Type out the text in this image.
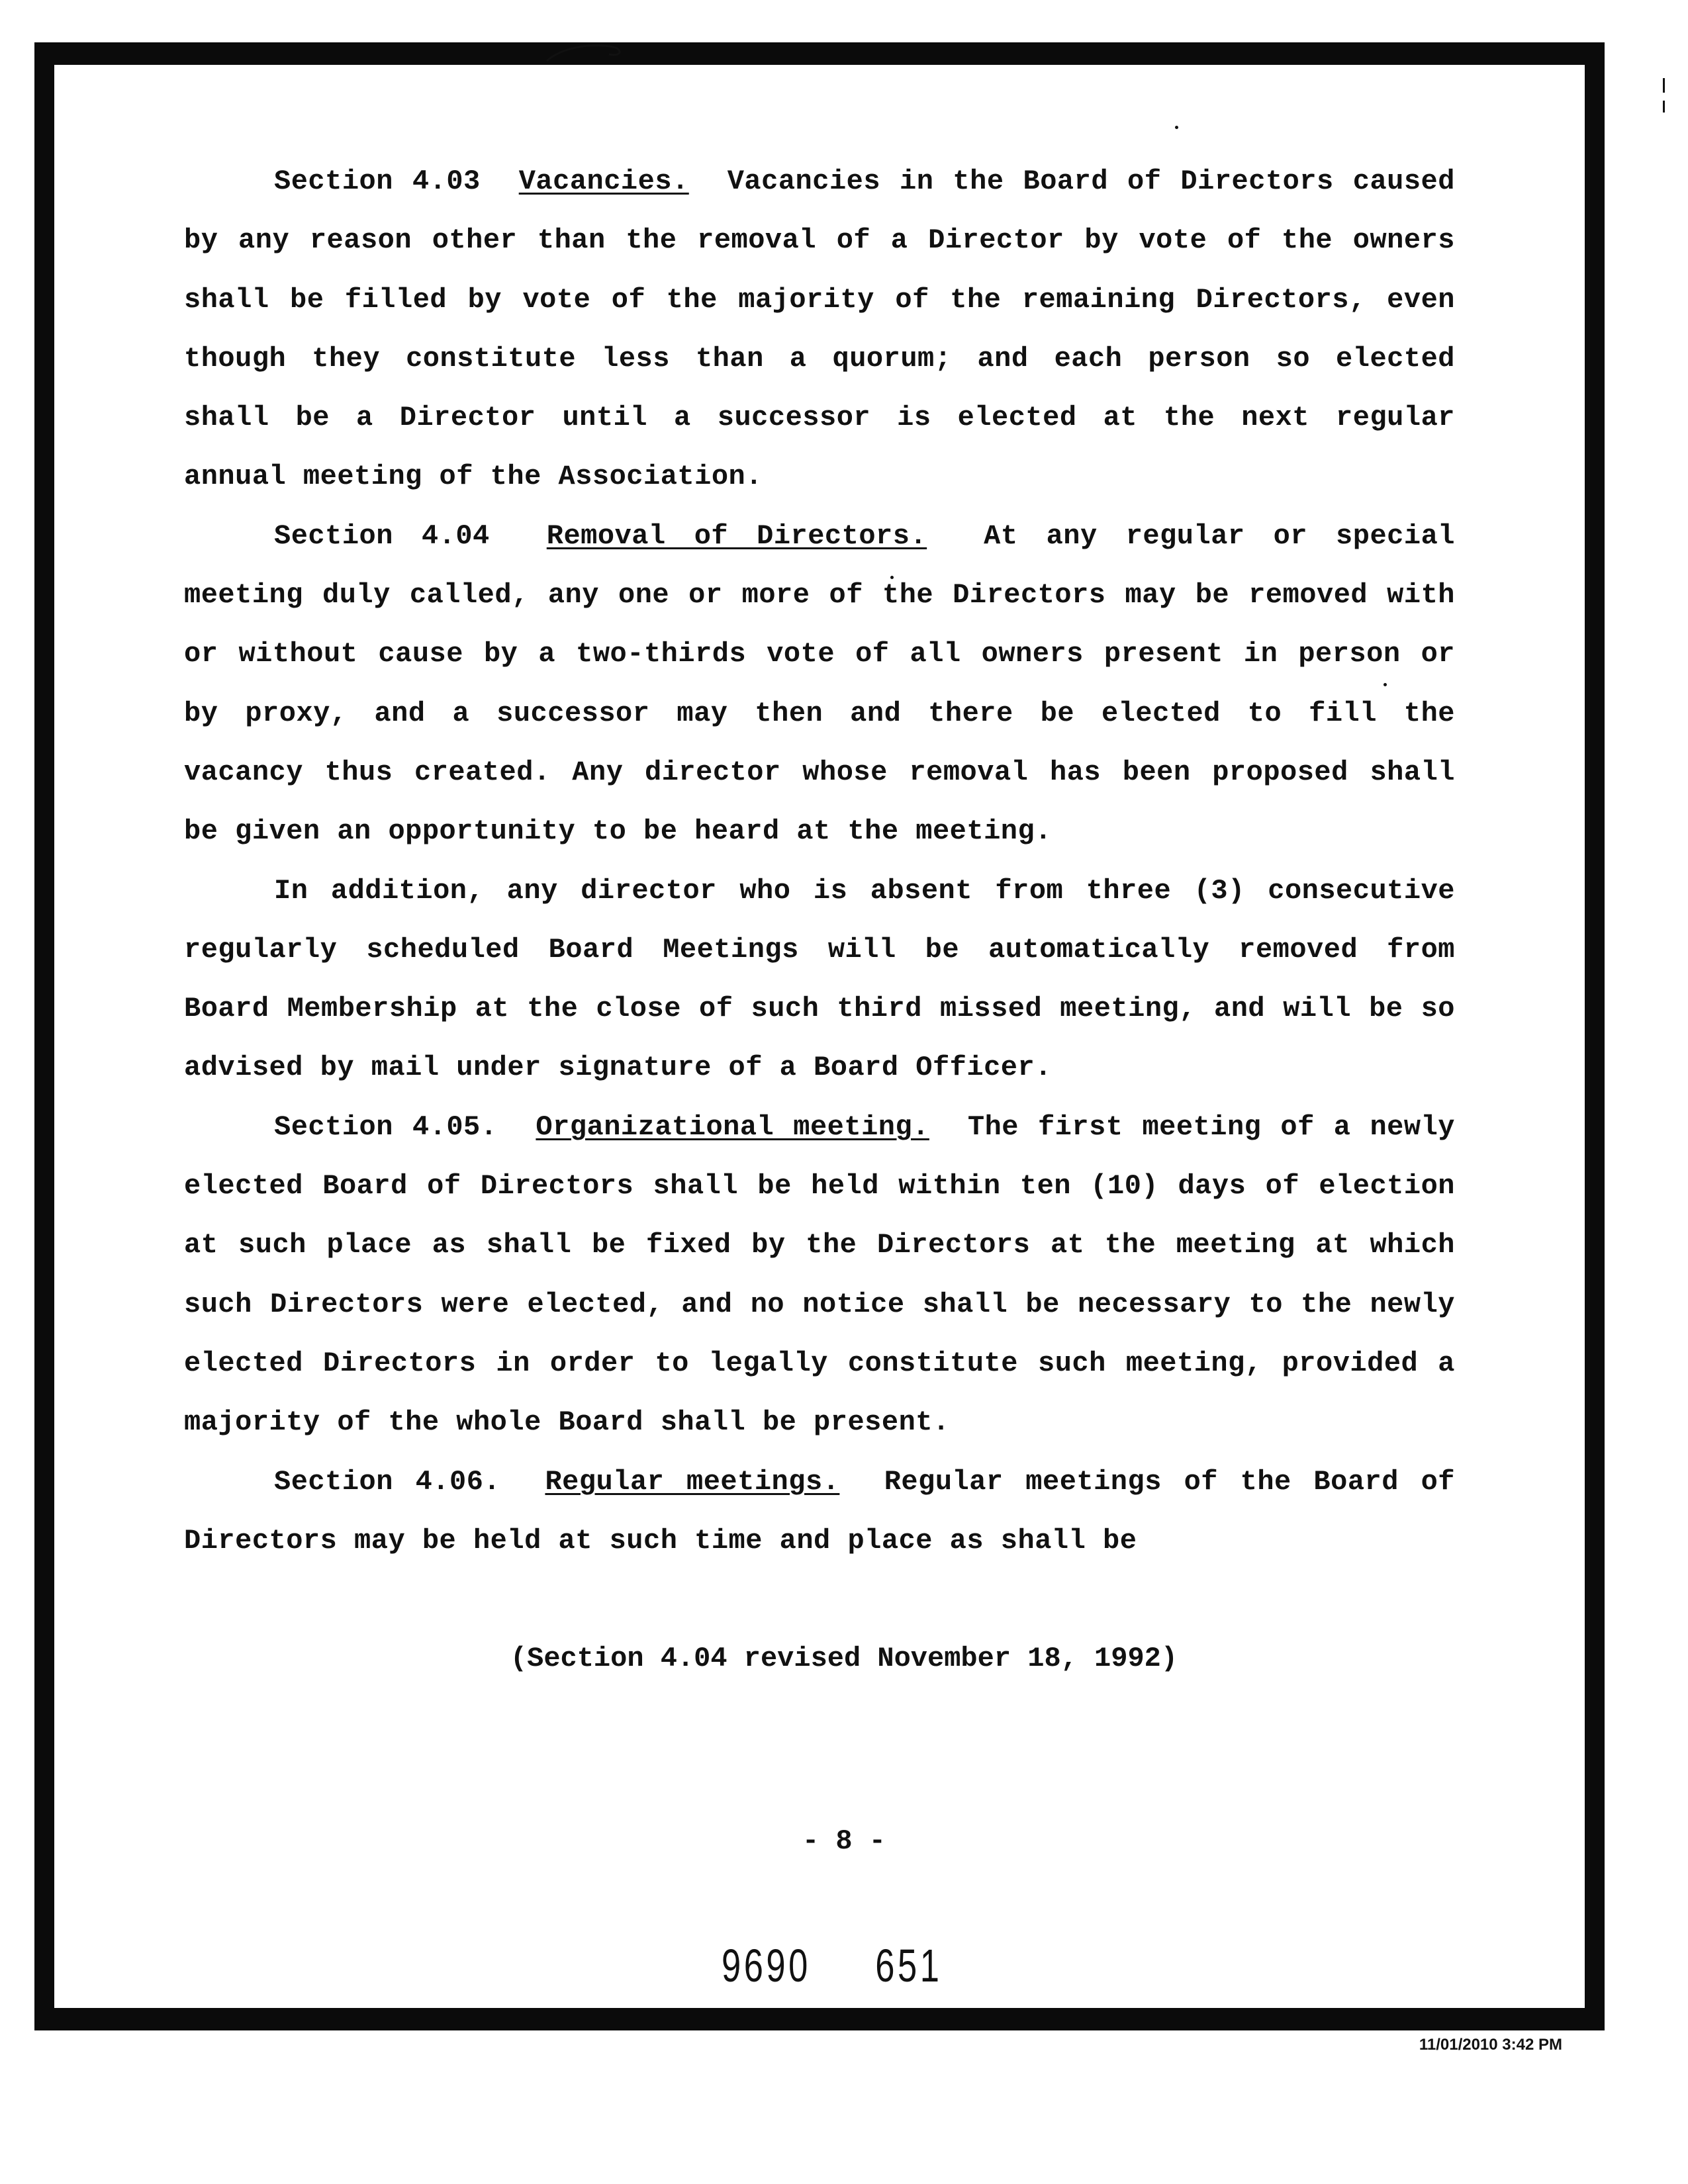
Section 4.03 Vacancies. Vacancies in the Board of Directors caused by any reason other than the removal of a Director by vote of the owners shall be filled by vote of the majority of the remaining Directors, even though they constitute less than a quorum; and each person so elected shall be a Director until a successor is elected at the next regular annual meeting of the Association.

Section 4.04 Removal of Directors. At any regular or special meeting duly called, any one or more of the Directors may be removed with or without cause by a two-thirds vote of all owners present in person or by proxy, and a successor may then and there be elected to fill the vacancy thus created. Any director whose removal has been proposed shall be given an opportunity to be heard at the meeting.

In addition, any director who is absent from three (3) consecutive regularly scheduled Board Meetings will be automatically removed from Board Membership at the close of such third missed meeting, and will be so advised by mail under signature of a Board Officer.

Section 4.05. Organizational meeting. The first meeting of a newly elected Board of Directors shall be held within ten (10) days of election at such place as shall be fixed by the Directors at the meeting at which such Directors were elected, and no notice shall be necessary to the newly elected Directors in order to legally constitute such meeting, provided a majority of the whole Board shall be present.

Section 4.06. Regular meetings. Regular meetings of the Board of Directors may be held at such time and place as shall be

(Section 4.04 revised November 18, 1992)
- 8 -
9690 651
11/01/2010 3:42 PM
